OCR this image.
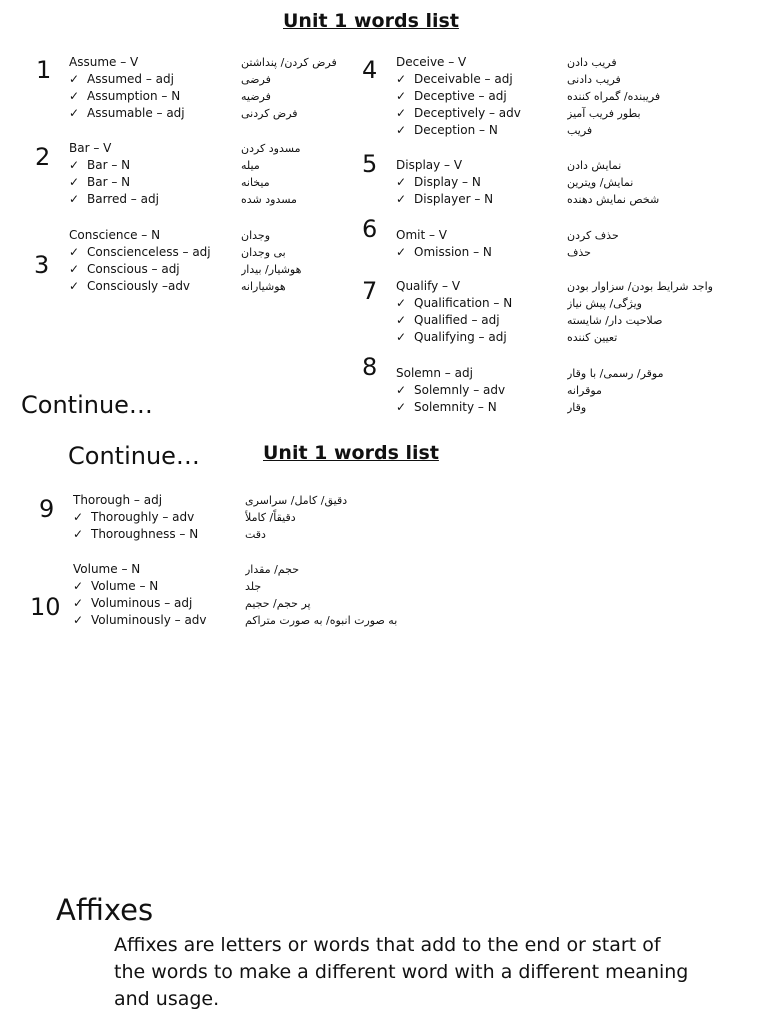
Unit 1 words list
Continue…
Continue…	Unit 1 words list
1 Assume – V
✓ Assumed – adj
✓ Assumption – N
✓ Assumable – adj
فرض کردن/ پنداشتن
فرضی
فرضیه
فرض کردنی
2 Bar – V
✓ Bar – N
✓ Bar – N
✓ Barred – adj
مسدود کردن
میله
میخانه
مسدود شده
3
Conscience – N
✓ Conscienceless – adj
✓ Conscious – adj
✓ Consciously –adv
وجدان
بی وجدان
هوشیار/ بیدار
هوشیارانه
4 Deceive – V
✓ Deceivable – adj
✓ Deceptive – adj
✓ Deceptively – adv
✓ Deception – N
فریب دادن
فریب دادنی
فریبنده/ گمراه کننده
بطور فریب آمیز
فریب
5 Display – V
✓ Display – N
✓ Displayer – N
نمایش دادن
نمایش/ ویترین
شخص نمایش دهنده
6 Omit – V
✓ Omission – N
حذف کردن
حذف
7 Qualify – V
✓ Qualification – N
✓ Qualified – adj
✓ Qualifying – adj
واجد شرایط بودن/ سزاوار بودن
ویژگی/ پیش نیاز
صلاحیت دار/ شایسته
تعیین کننده
8 Solemn – adj
✓ Solemnly – adv
✓ Solemnity – N
موقر/ رسمی/ با وقار
موقرانه
وقار
9 Thorough – adj
✓ Thoroughly – adv
✓ Thoroughness – N
دقیق/ کامل/ سراسری
دقیقاً/ کاملاً
دقت
10
Volume – N
✓ Volume – N
✓ Voluminous – adj
✓ Voluminously – adv
حجم/ مقدار
جلد
پر حجم/ حجیم
به صورت انبوه/ به صورت متراکم
Affixes
Affixes are letters or words that add to the end or start of the words to make a different word with a different meaning and usage.
